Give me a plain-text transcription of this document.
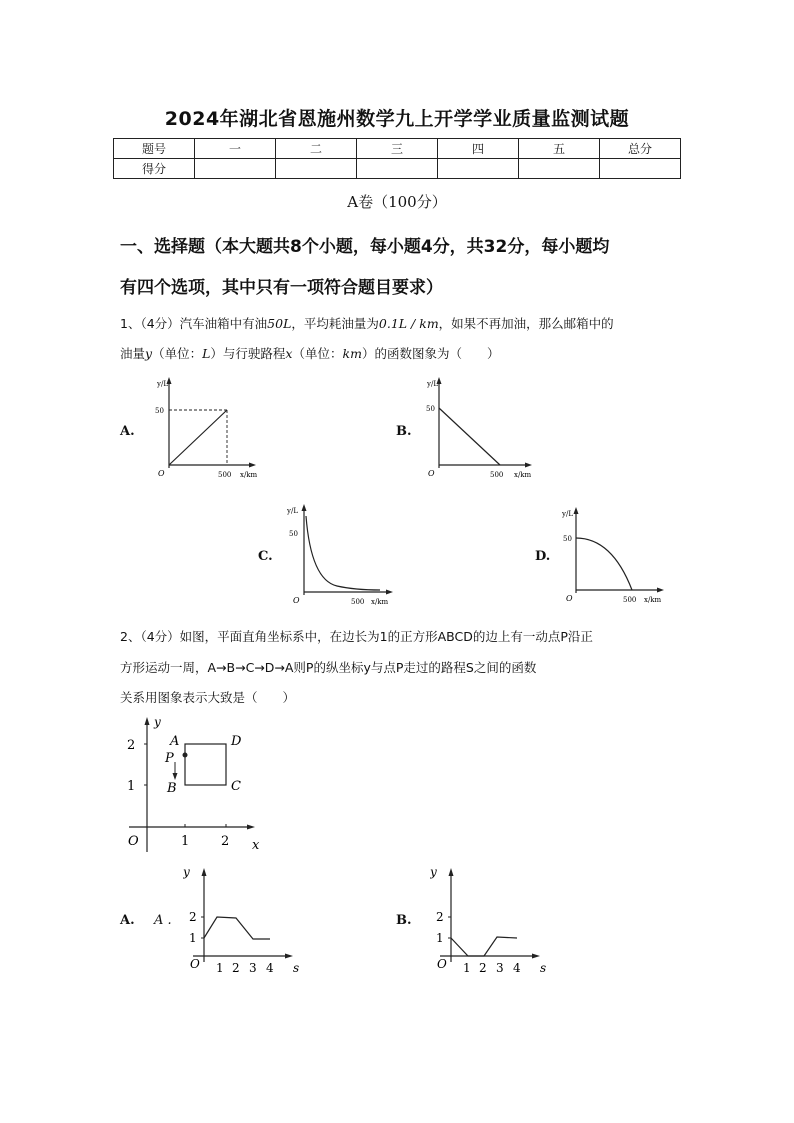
2024年湖北省恩施州数学九上开学学业质量监测试题
题号	一	二	三	四	五	总分
得分						
A卷（100分）
一、选择题（本大题共8个小题，每小题4分，共32分，每小题均
有四个选项，其中只有一项符合题目要求）
1、（4分）汽车油箱中有油50L，平均耗油量为0.1L / km，如果不再加油，那么邮箱中的
油量y（单位：L）与行驶路程x（单位：km）的函数图象为（　　）
A.
y/L
50
O	500 x/km
B.
y/L
50
O	500 x/km
C.
y/L
50
O	500 x/km
D.
y/L
50
O	500 x/km
2、（4分）如图，平面直角坐标系中，在边长为1的正方形ABCD的边上有一动点P沿正
方形运动一周，A→B→C→D→A则P的纵坐标y与点P走过的路程S之间的函数
关系用图象表示大致是（　　）
2
1
O	1 2
y
x
A	D
P
B	C
A. A .
y
2
1
O 1 2 3 4 s
B.
y
2
1
O 1 2 3 4 s
